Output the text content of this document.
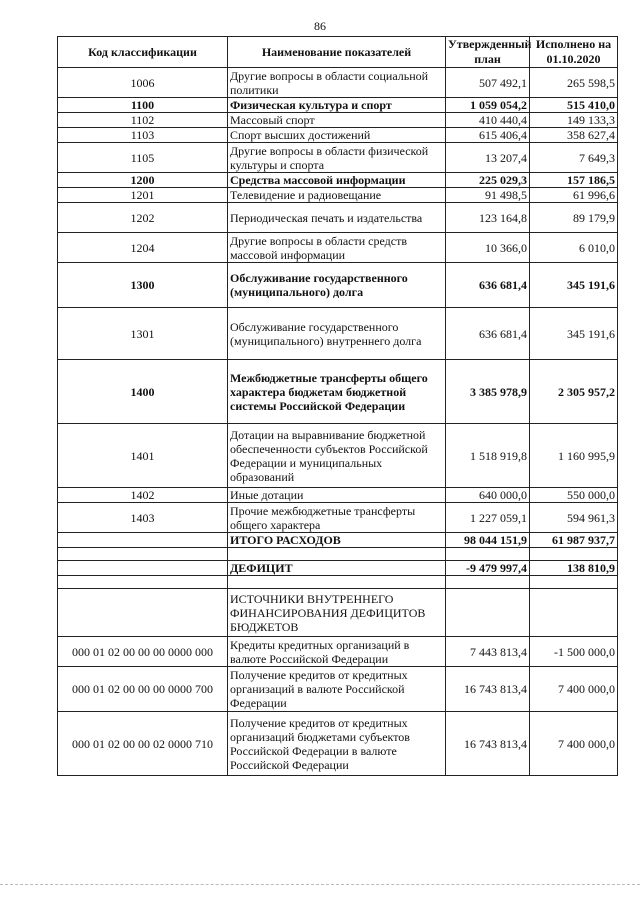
86
Код классификации	Наименование показателей	Утвержденный план	Исполнено на 01.10.2020
1006	Другие вопросы в области социальной политики	507 492,1	265 598,5
1100	Физическая культура и спорт	1 059 054,2	515 410,0
1102	Массовый спорт	410 440,4	149 133,3
1103	Спорт высших достижений	615 406,4	358 627,4
1105	Другие вопросы в области физической культуры и спорта	13 207,4	7 649,3
1200	Средства массовой информации	225 029,3	157 186,5
1201	Телевидение и радиовещание	91 498,5	61 996,6
1202	Периодическая печать и издательства	123 164,8	89 179,9
1204	Другие вопросы в области средств массовой информации	10 366,0	6 010,0
1300	Обслуживание государственного (муниципального) долга	636 681,4	345 191,6
1301	Обслуживание государственного (муниципального) внутреннего долга	636 681,4	345 191,6
1400	Межбюджетные трансферты общего характера бюджетам бюджетной системы Российской Федерации	3 385 978,9	2 305 957,2
1401	Дотации на выравнивание бюджетной обеспеченности субъектов Российской Федерации и муниципальных образований	1 518 919,8	1 160 995,9
1402	Иные дотации	640 000,0	550 000,0
1403	Прочие межбюджетные трансферты общего характера	1 227 059,1	594 961,3
	ИТОГО РАСХОДОВ	98 044 151,9	61 987 937,7

	ДЕФИЦИТ	-9 479 997,4	138 810,9

	ИСТОЧНИКИ ВНУТРЕННЕГО ФИНАНСИРОВАНИЯ ДЕФИЦИТОВ БЮДЖЕТОВ		
000 01 02 00 00 00 0000 000	Кредиты кредитных организаций в валюте Российской Федерации	7 443 813,4	-1 500 000,0
000 01 02 00 00 00 0000 700	Получение кредитов от кредитных организаций в валюте Российской Федерации	16 743 813,4	7 400 000,0
000 01 02 00 00 02 0000 710	Получение кредитов от кредитных организаций бюджетами субъектов Российской Федерации в валюте Российской Федерации	16 743 813,4	7 400 000,0
